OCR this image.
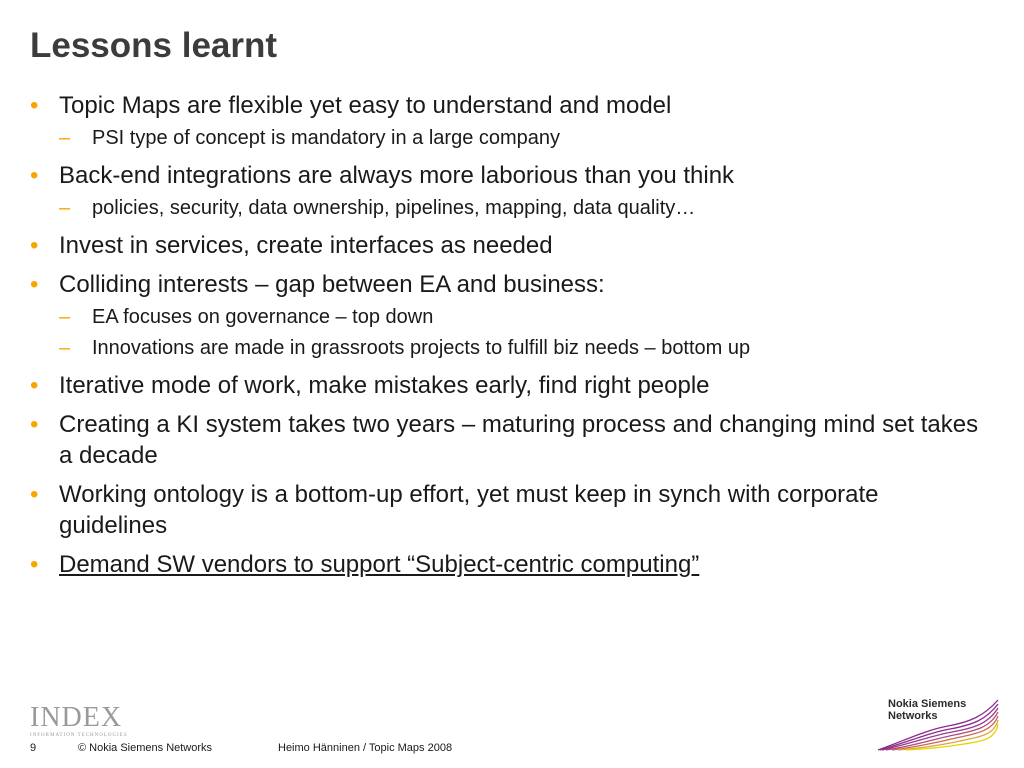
Lessons learnt
• Topic Maps are flexible yet easy to understand and model
– PSI type of concept is mandatory in a large company
• Back-end integrations are always more laborious than you think
– policies, security, data ownership, pipelines, mapping, data quality…
• Invest in services, create interfaces as needed
• Colliding interests – gap between EA and business:
– EA focuses on governance – top down
– Innovations are made in grassroots projects to fulfill biz needs – bottom up
• Iterative mode of work, make mistakes early, find right people
• Creating a KI system takes two years – maturing process and changing mind set takes a decade
• Working ontology is a bottom-up effort, yet must keep in synch with corporate guidelines
• Demand SW vendors to support “Subject-centric computing”
INDEX
INFORMATION TECHNOLOGIES
9	© Nokia Siemens Networks	Heimo Hänninen / Topic Maps 2008
Nokia Siemens
Networks
